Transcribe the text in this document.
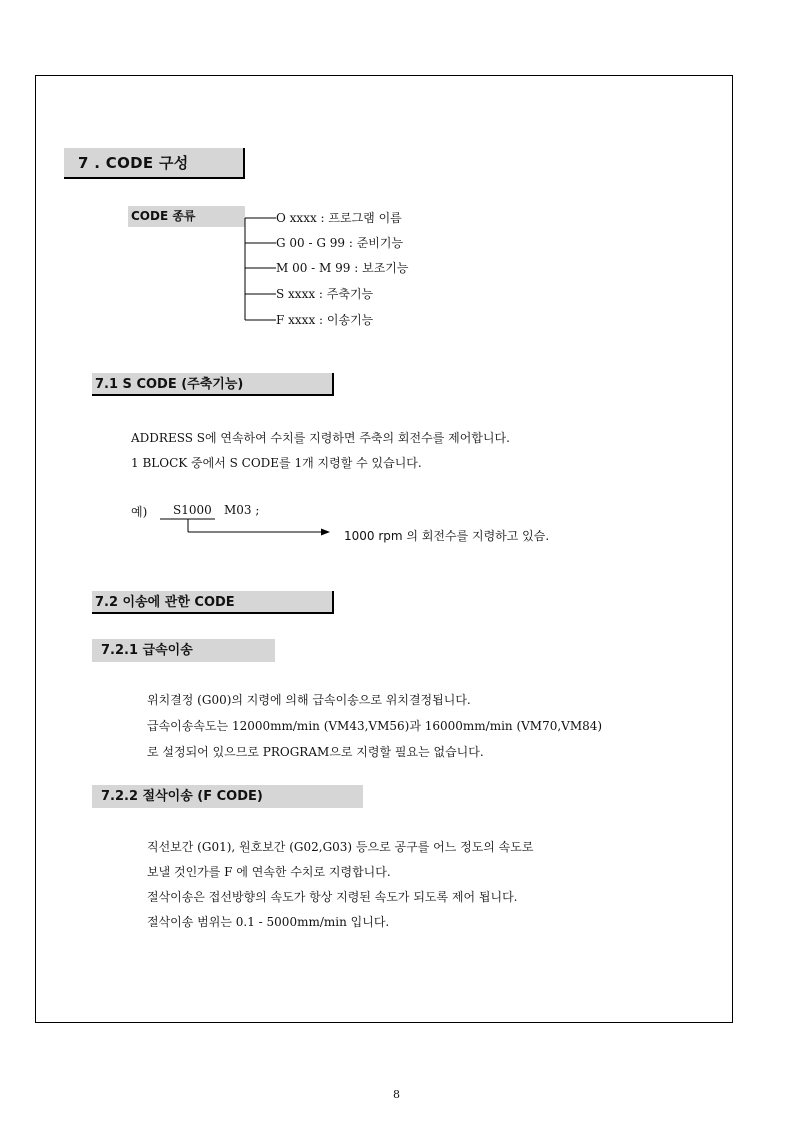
7 . CODE 구성
CODE 종류	O xxxx : 프로그램 이름
G 00 - G 99 : 준비기능
M 00 - M 99 : 보조기능
S xxxx : 주축기능
F xxxx : 이송기능
7.1 S CODE (주축기능)
ADDRESS S에 연속하여 수치를 지령하면 주축의 회전수를 제어합니다.
1 BLOCK 중에서 S CODE를 1개 지령할 수 있습니다.
예) S1000 M03 ;
1000 rpm 의 회전수를 지령하고 있슴.
7.2 이송에 관한 CODE
7.2.1 급속이송
위치결정 (G00)의 지령에 의해 급속이송으로 위치결정됩니다.
급속이송속도는 12000mm/min (VM43,VM56)과 16000mm/min (VM70,VM84)
로 설정되어 있으므로 PROGRAM으로 지령할 필요는 없습니다.
7.2.2 절삭이송 (F CODE)
직선보간 (G01), 원호보간 (G02,G03) 등으로 공구를 어느 정도의 속도로
보낼 것인가를 F 에 연속한 수치로 지령합니다.
절삭이송은 접선방향의 속도가 항상 지령된 속도가 되도록 제어 됩니다.
절삭이송 범위는 0.1 - 5000mm/min 입니다.
8
